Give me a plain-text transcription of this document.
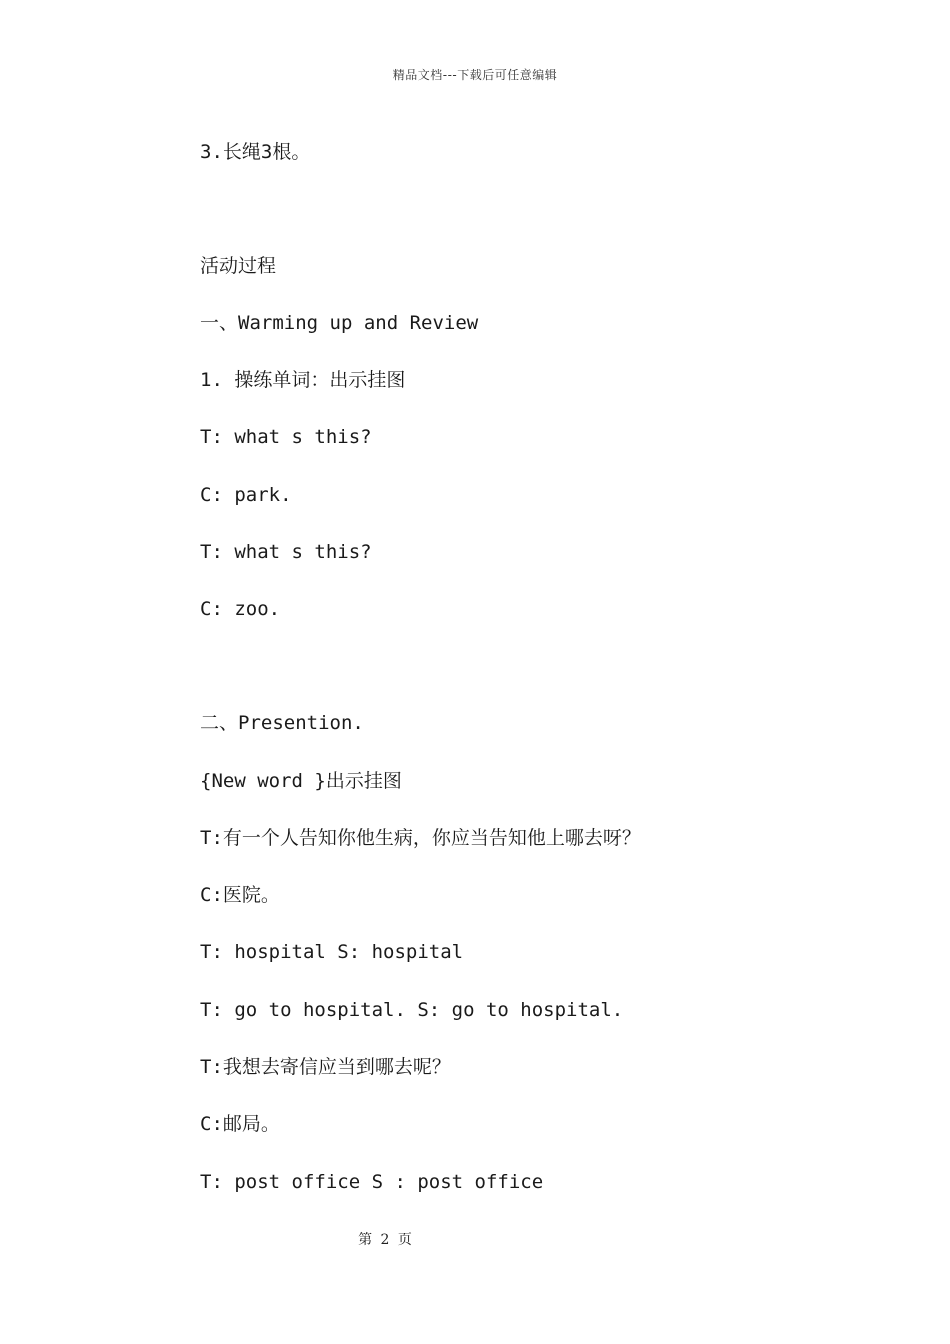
精品文档---下载后可任意编辑
3.长绳3根。
活动过程
一、Warming up and Review
1. 操练单词：出示挂图
T: what s this?
C: park.
T: what s this?
C: zoo.
二、Presention.
{New word }出示挂图
T:有一个人告知你他生病，你应当告知他上哪去呀？
C:医院。
T: hospital S: hospital
T: go to hospital. S: go to hospital.
T:我想去寄信应当到哪去呢？
C:邮局。
T: post office S : post office
第 2 页
